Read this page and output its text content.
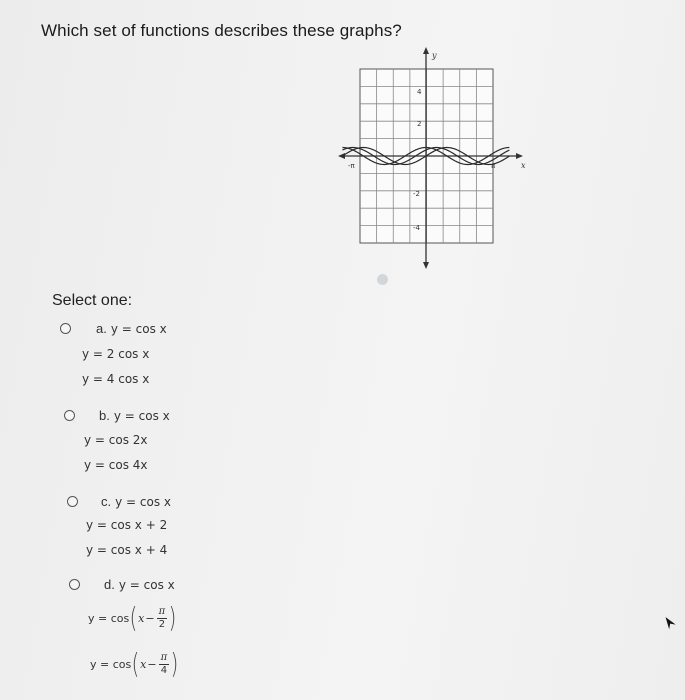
Which set of functions describes these graphs?
y
x
4
2
-2
-4
-π	π
Select one:
a. y = cos x
y = 2 cos x
y = 4 cos x
b. y = cos x
y = cos 2x
y = cos 4x
c. y = cos x
y = cos x + 2
y = cos x + 4
d. y = cos x
y = cos ( $x - \frac{\pi}{2}$ )
y = cos ( $x - \frac{\pi}{4}$ )
